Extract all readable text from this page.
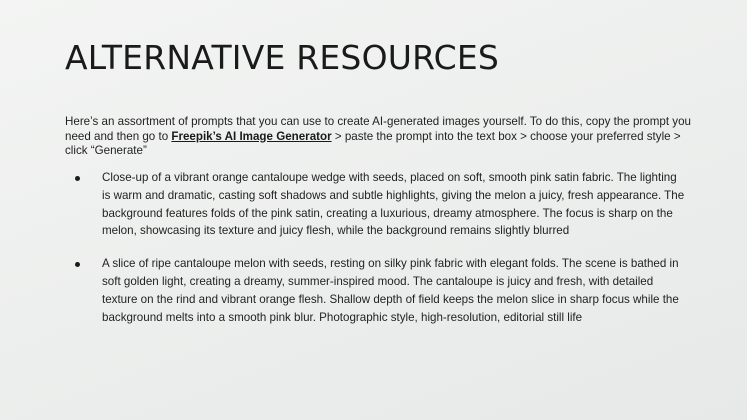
ALTERNATIVE RESOURCES

Here’s an assortment of prompts that you can use to create AI-generated images yourself. To do this, copy the prompt you need and then go to Freepik’s AI Image Generator > paste the prompt into the text box > choose your preferred style > click “Generate”

Close-up of a vibrant orange cantaloupe wedge with seeds, placed on soft, smooth pink satin fabric. The lighting is warm and dramatic, casting soft shadows and subtle highlights, giving the melon a juicy, fresh appearance. The background features folds of the pink satin, creating a luxurious, dreamy atmosphere. The focus is sharp on the melon, showcasing its texture and juicy flesh, while the background remains slightly blurred
A slice of ripe cantaloupe melon with seeds, resting on silky pink fabric with elegant folds. The scene is bathed in soft golden light, creating a dreamy, summer-inspired mood. The cantaloupe is juicy and fresh, with detailed texture on the rind and vibrant orange flesh. Shallow depth of field keeps the melon slice in sharp focus while the background melts into a smooth pink blur. Photographic style, high-resolution, editorial still life
